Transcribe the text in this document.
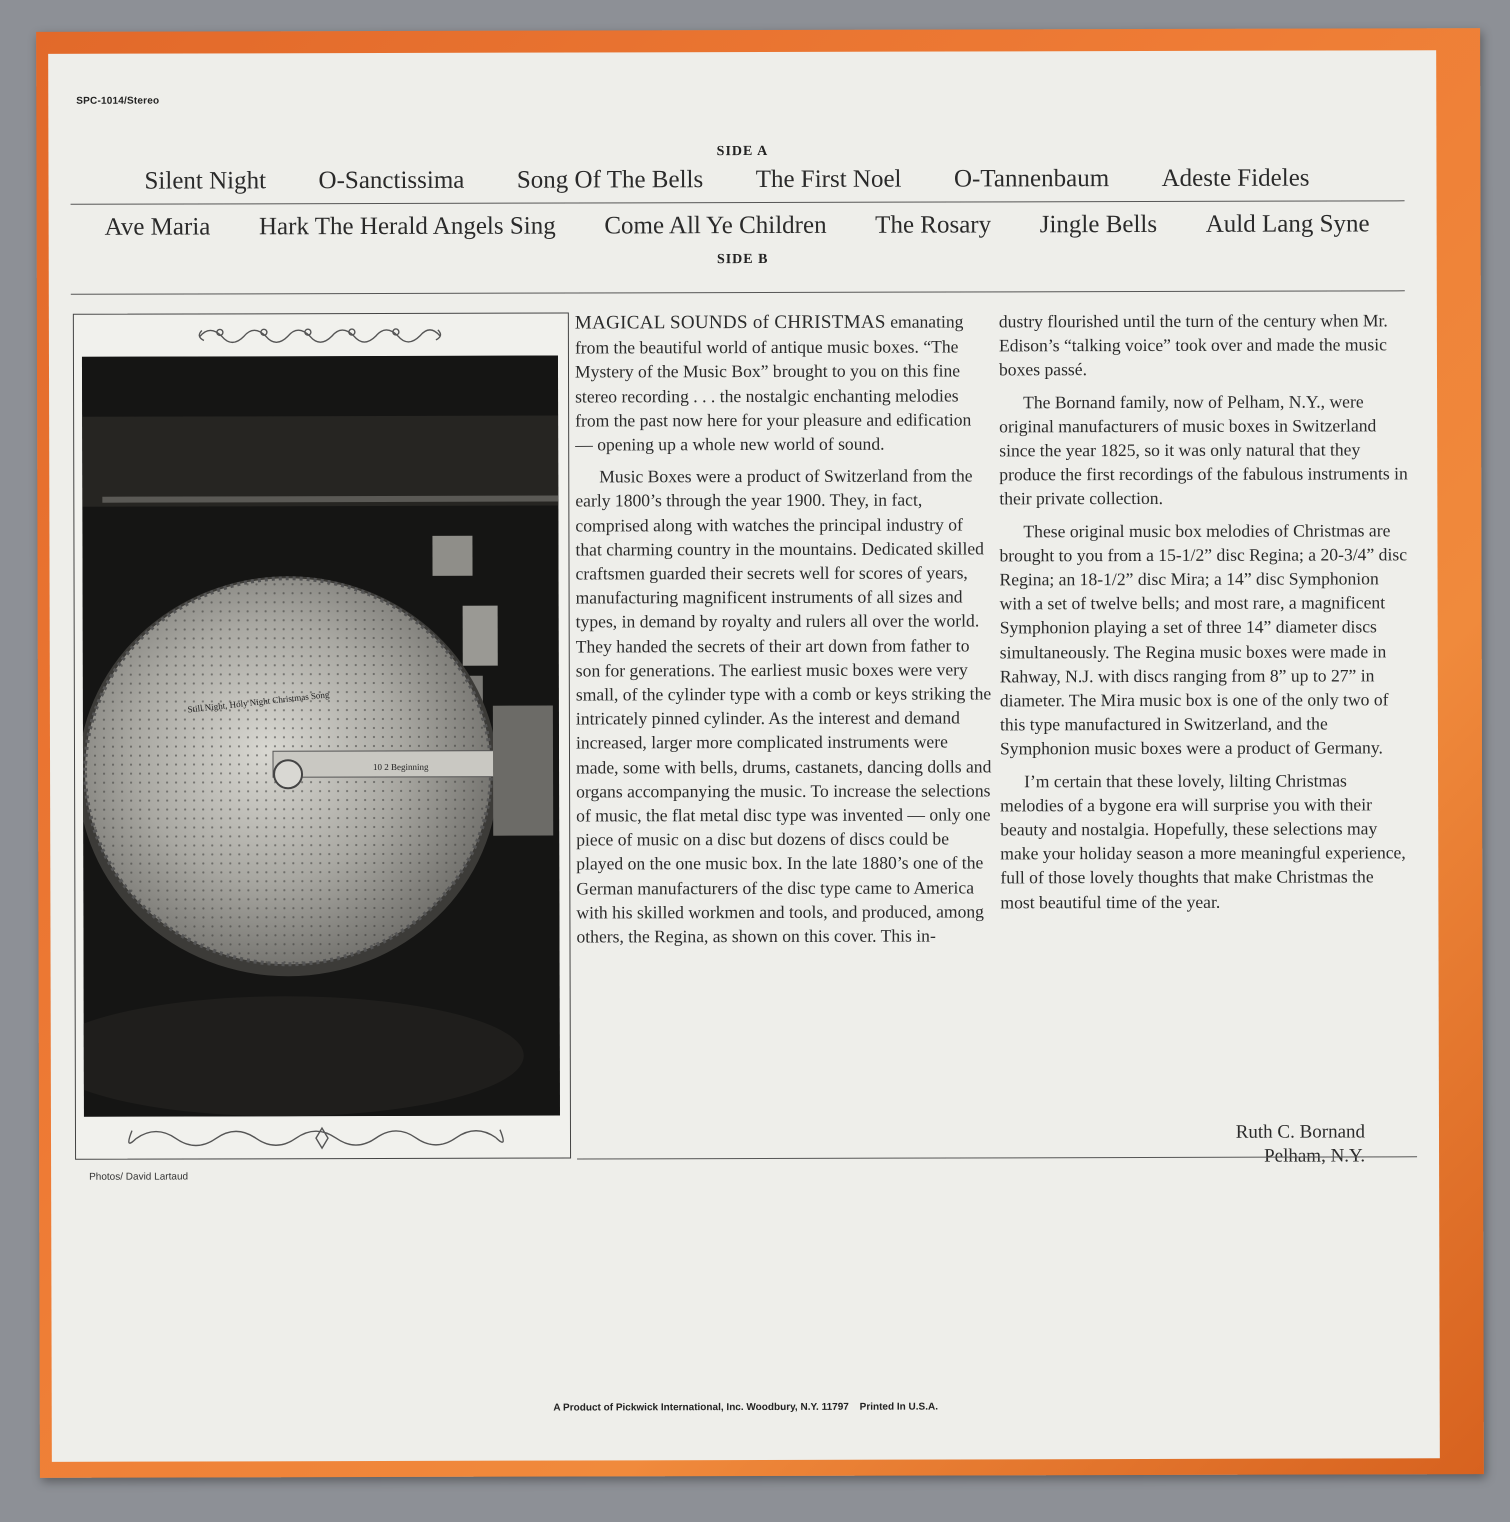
SPC-1014/Stereo
SIDE A
Silent Night O-Sanctissima Song Of The Bells The First Noel O-Tannenbaum Adeste Fideles
Ave Maria Hark The Herald Angels Sing Come All Ye Children The Rosary Jingle Bells Auld Lang Syne
SIDE B
Still Night, Holy Night Christmas Song
10 2 Beginning

MAGICAL SOUNDS of CHRISTMAS emanating from the beautiful world of antique music boxes. “The Mystery of the Music Box” brought to you on this fine stereo recording . . . the nostalgic enchanting melodies from the past now here for your pleasure and edification — opening up a whole new world of sound.

Music Boxes were a product of Switzerland from the early 1800’s through the year 1900. They, in fact, comprised along with watches the principal industry of that charming country in the mountains. Dedicated skilled craftsmen guarded their secrets well for scores of years, manufacturing magnificent instruments of all sizes and types, in demand by royalty and rulers all over the world. They handed the secrets of their art down from father to son for generations. The earliest music boxes were very small, of the cylinder type with a comb or keys striking the intricately pinned cylinder. As the interest and demand increased, larger more complicated instruments were made, some with bells, drums, castanets, dancing dolls and organs accompanying the music. To increase the selections of music, the flat metal disc type was invented — only one piece of music on a disc but dozens of discs could be played on the one music box. In the late 1880’s one of the German manufacturers of the disc type came to America with his skilled workmen and tools, and produced, among others, the Regina, as shown on this cover. This in-

dustry flourished until the turn of the century when Mr. Edison’s “talking voice” took over and made the music boxes passé.

The Bornand family, now of Pelham, N.Y., were original manufacturers of music boxes in Switzerland since the year 1825, so it was only natural that they produce the first recordings of the fabulous instruments in their private collection.

These original music box melodies of Christmas are brought to you from a 15-1/2” disc Regina; a 20-3/4” disc Regina; an 18-1/2” disc Mira; a 14” disc Symphonion with a set of twelve bells; and most rare, a magnificent Symphonion playing a set of three 14” diameter discs simultaneously. The Regina music boxes were made in Rahway, N.J. with discs ranging from 8” up to 27” in diameter. The Mira music box is one of the only two of this type manufactured in Switzerland, and the Symphonion music boxes were a product of Germany.

I’m certain that these lovely, lilting Christmas melodies of a bygone era will surprise you with their beauty and nostalgia. Hopefully, these selections may make your holiday season a more meaningful experience, full of those lovely thoughts that make Christmas the most beautiful time of the year.

Ruth C. Bornand
Pelham, N.Y.
Photos/ David Lartaud
A Product of Pickwick International, Inc. Woodbury, N.Y. 11797 Printed In U.S.A.
